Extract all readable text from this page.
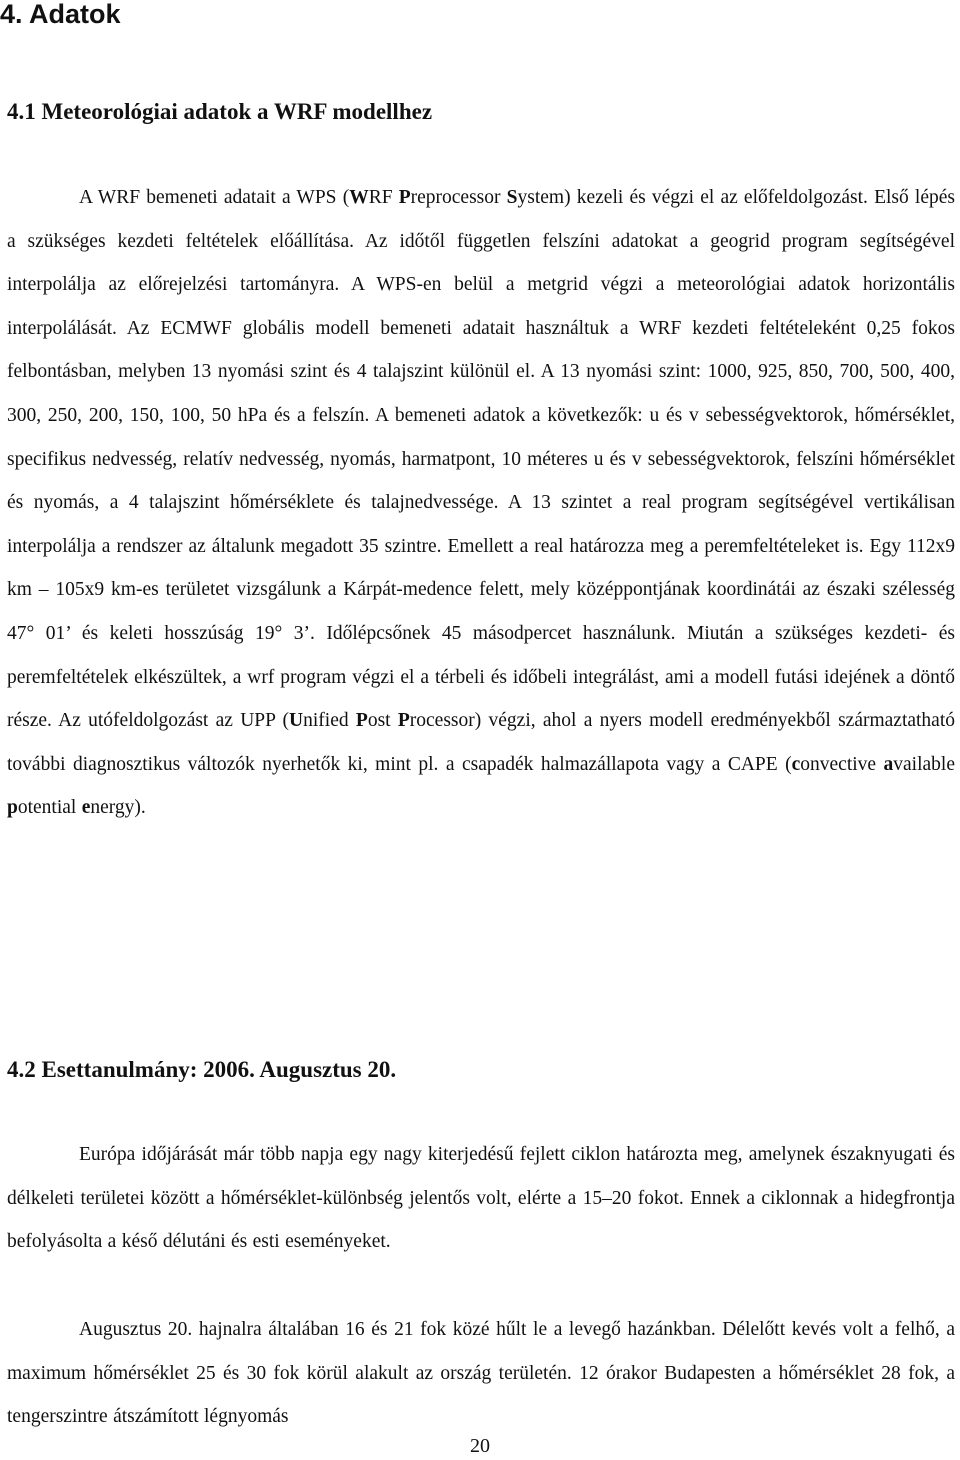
4. Adatok
4.1 Meteorológiai adatok a WRF modellhez

A WRF bemeneti adatait a WPS (WRF Preprocessor System) kezeli és végzi el az előfeldolgozást. Első lépés a szükséges kezdeti feltételek előállítása. Az időtől független felszíni adatokat a geogrid program segítségével interpolálja az előrejelzési tartományra. A WPS-en belül a metgrid végzi a meteorológiai adatok horizontális interpolálását. Az ECMWF globális modell bemeneti adatait használtuk a WRF kezdeti feltételeként 0,25 fokos felbontásban, melyben 13 nyomási szint és 4 talajszint különül el. A 13 nyomási szint: 1000, 925, 850, 700, 500, 400, 300, 250, 200, 150, 100, 50 hPa és a felszín. A bemeneti adatok a következők: u és v sebességvektorok, hőmérséklet, specifikus nedvesség, relatív nedvesség, nyomás, harmatpont, 10 méteres u és v sebességvektorok, felszíni hőmérséklet és nyomás, a 4 talajszint hőmérséklete és talajnedvessége. A 13 szintet a real program segítségével vertikálisan interpolálja a rendszer az általunk megadott 35 szintre. Emellett a real határozza meg a peremfeltételeket is. Egy 112x9 km – 105x9 km-es területet vizsgálunk a Kárpát-medence felett, mely középpontjának koordinátái az északi szélesség 47° 01’ és keleti hosszúság 19° 3’. Időlépcsőnek 45 másodpercet használunk. Miután a szükséges kezdeti- és peremfeltételek elkészültek, a wrf program végzi el a térbeli és időbeli integrálást, ami a modell futási idejének a döntő része. Az utófeldolgozást az UPP (Unified Post Processor) végzi, ahol a nyers modell eredményekből származtatható további diagnosztikus változók nyerhetők ki, mint pl. a csapadék halmazállapota vagy a CAPE (convective available potential energy).

4.2 Esettanulmány: 2006. Augusztus 20.

Európa időjárását már több napja egy nagy kiterjedésű fejlett ciklon határozta meg, amelynek északnyugati és délkeleti területei között a hőmérséklet-különbség jelentős volt, elérte a 15–20 fokot. Ennek a ciklonnak a hidegfrontja befolyásolta a késő délutáni és esti eseményeket.

Augusztus 20. hajnalra általában 16 és 21 fok közé hűlt le a levegő hazánkban. Délelőtt kevés volt a felhő, a maximum hőmérséklet 25 és 30 fok körül alakult az ország területén. 12 órakor Budapesten a hőmérséklet 28 fok, a tengerszintre átszámított légnyomás

20
